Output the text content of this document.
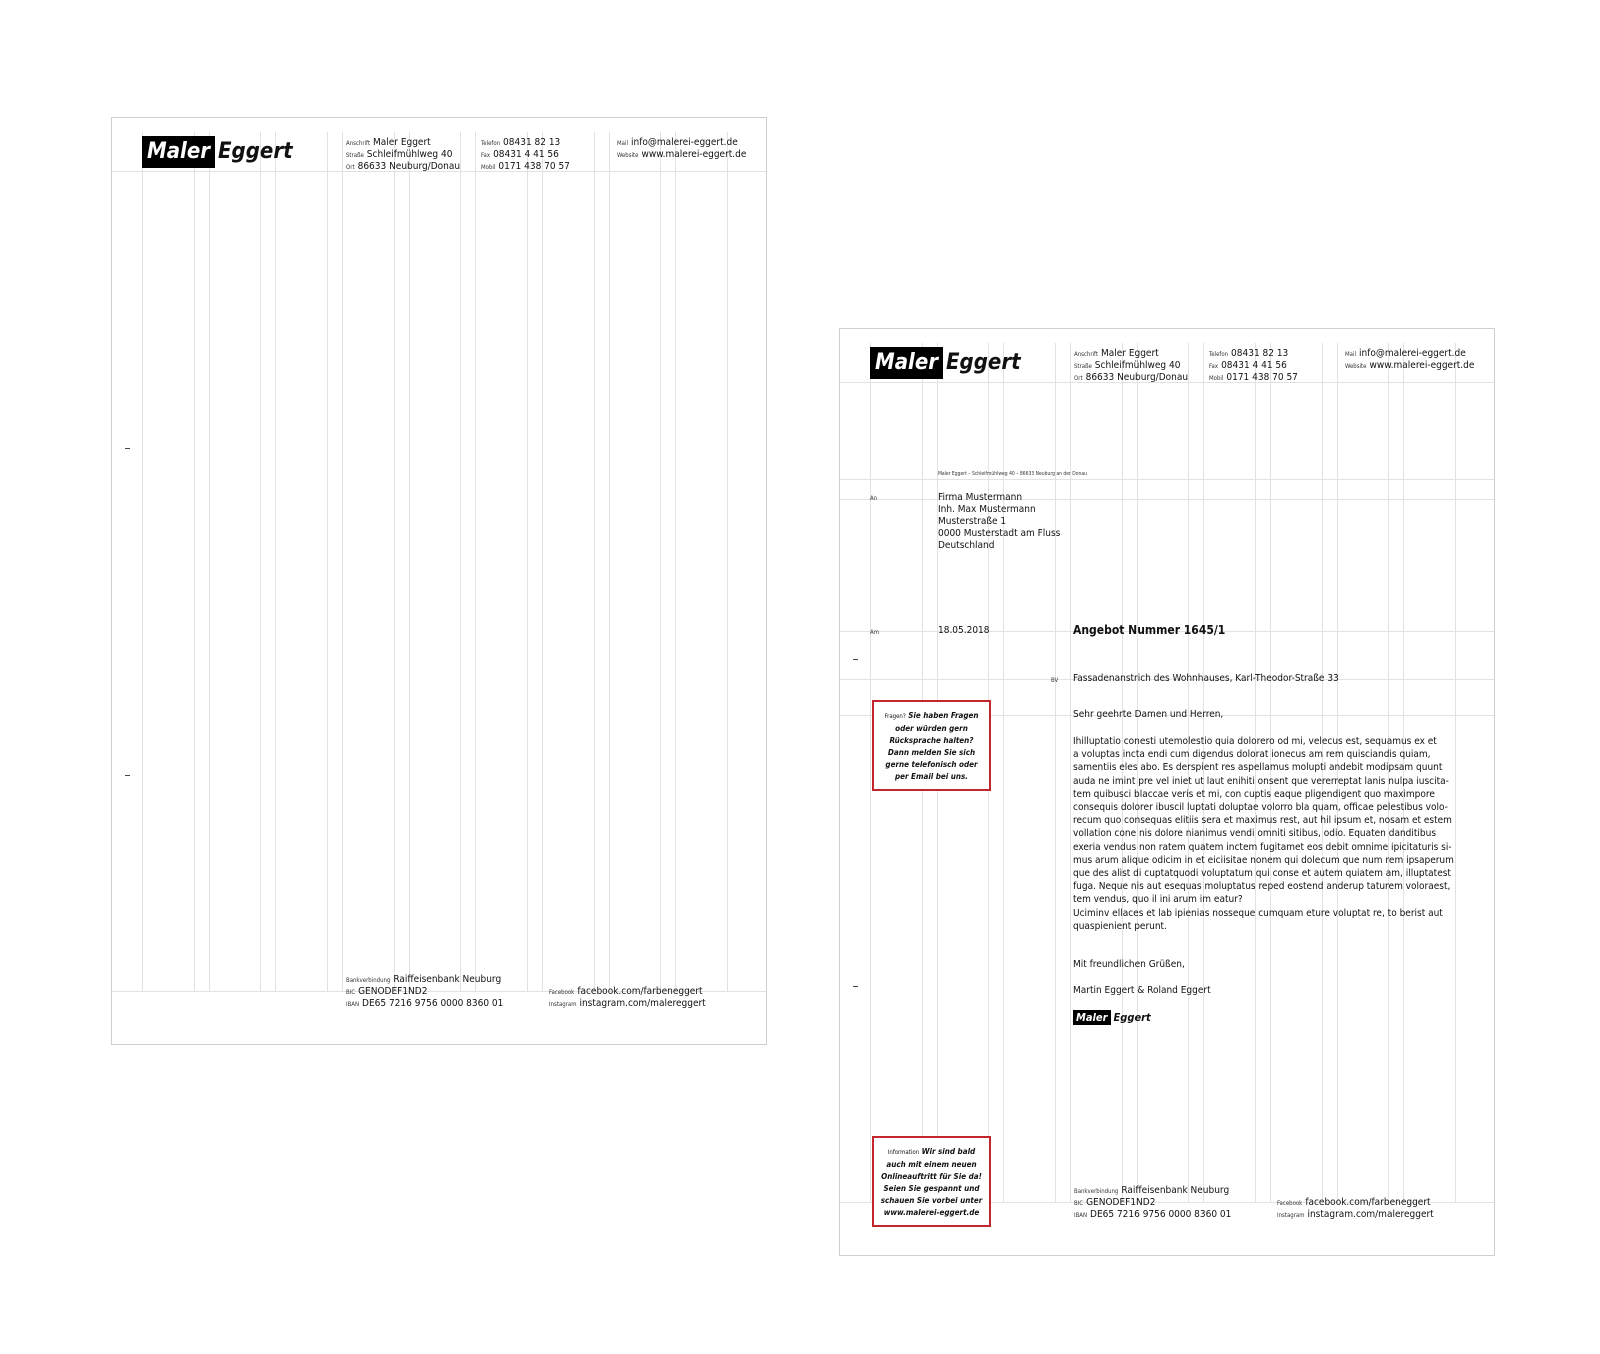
Maler Eggert	Anschrift Maler Eggert
Straße Schleifmühlweg 40
Ort 86633 Neuburg/Donau
Telefon 08431 82 13
Fax 08431 4 41 56
Mobil 0171 438 70 57
Mail info@malerei-eggert.de
Website www.malerei-eggert.de
Bankverbindung Raiffeisenbank Neuburg
BIC GENODEF1ND2
IBAN DE65 7216 9756 0000 8360 01
Facebook facebook.com/farbeneggert
Instagram instagram.com/malereggert
Maler Eggert	Anschrift Maler Eggert
Straße Schleifmühlweg 40
Ort 86633 Neuburg/Donau
Telefon 08431 82 13
Fax 08431 4 41 56
Mobil 0171 438 70 57
Mail info@malerei-eggert.de
Website www.malerei-eggert.de
Maler Eggert – Schleifmühlweg 40 – 86633 Neuburg an der Donau
An	Firma Mustermann
Inh. Max Mustermann
Musterstraße 1
0000 Musterstadt am Fluss
Deutschland
Am	18.05.2018	Angebot Nummer 1645/1
BV Fassadenanstrich des Wohnhauses, Karl-Theodor-Straße 33
Fragen? Sie haben Fragen oder würden gern Rücksprache halten? Dann melden Sie sich gerne telefonisch oder per Email bei uns.
Sehr geehrte Damen und Herren,

Ihilluptatio conesti utemolestio quia dolorero od mi, velecus est, sequamus ex et

a voluptas incta endi cum digendus dolorat ionecus am rem quisciandis quiam,

samentiis eles abo. Es derspient res aspellamus molupti andebit modipsam quunt

auda ne imint pre vel iniet ut laut enihiti onsent que vererreptat lanis nulpa iuscita-

tem quibusci blaccae veris et mi, con cuptis eaque pligendigent quo maximpore

consequis dolorer ibuscil luptati doluptae volorro bla quam, officae pelestibus volo-

recum quo consequas elitiis sera et maximus rest, aut hil ipsum et, nosam et estem

vollation cone nis dolore nianimus vendi omniti sitibus, odio. Equaten danditibus

exeria vendus non ratem quatem inctem fugitamet eos debit omnime ipicitaturis si-

mus arum alique odicim in et eiciisitae nonem qui dolecum que num rem ipsaperum

que des alist di cuptatquodi voluptatum qui conse et autem quiatem am, illuptatest

fuga. Neque nis aut esequas moluptatus reped eostend anderup taturem voloraest,

tem vendus, quo il ini arum im eatur?

Uciminv ellaces et lab ipienias nosseque cumquam eture voluptat re, to berist aut

quaspienient perunt.

Mit freundlichen Grüßen,
Martin Eggert & Roland Eggert
Maler Eggert
Information Wir sind bald auch mit einem neuen Onlineauftritt für Sie da! Seien Sie gespannt und schauen Sie vorbei unter www.malerei-eggert.de
Bankverbindung Raiffeisenbank Neuburg
BIC GENODEF1ND2
IBAN DE65 7216 9756 0000 8360 01
Facebook facebook.com/farbeneggert
Instagram instagram.com/malereggert
